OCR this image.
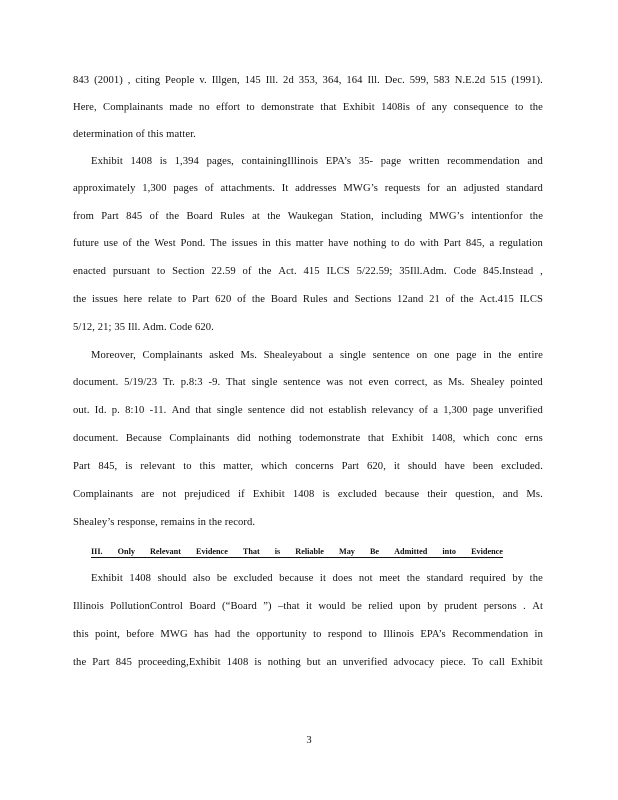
843 (2001) , citing People v. Illgen, 145 Ill. 2d 353, 364, 164 Ill. Dec. 599, 583 N.E.2d 515 (1991).
Here, Complainants made no effort to demonstrate that Exhibit 1408is of any consequence to the
determination of this matter.
Exhibit 1408 is 1,394 pages, containingIllinois EPA’s 35- page written recommendation and
approximately 1,300 pages of attachments. It addresses MWG’s requests for an adjusted standard
from Part 845 of the Board Rules at the Waukegan Station, including MWG’s intentionfor the
future use of the West Pond. The issues in this matter have nothing to do with Part 845, a regulation
enacted pursuant to Section 22.59 of the Act. 415 ILCS 5/22.59; 35Ill.Adm. Code 845.Instead ,
the issues here relate to Part 620 of the Board Rules and Sections 12and 21 of the Act.415 ILCS
5/12, 21; 35 Ill. Adm. Code 620.
Moreover, Complainants asked Ms. Shealeyabout a single sentence on one page in the entire
document. 5/19/23 Tr. p.8:3 -9. That single sentence was not even correct, as Ms. Shealey pointed
out. Id. p. 8:10 -11. And that single sentence did not establish relevancy of a 1,300 page unverified
document. Because Complainants did nothing todemonstrate that Exhibit 1408, which conc erns
Part 845, is relevant to this matter, which concerns Part 620, it should have been excluded.
Complainants are not prejudiced if Exhibit 1408 is excluded because their question, and Ms.
Shealey’s response, remains in the record.
III. Only Relevant Evidence That is Reliable May Be Admitted into Evidence
Exhibit 1408 should also be excluded because it does not meet the standard required by the
Illinois PollutionControl Board (“Board ”) –that it would be relied upon by prudent persons . At
this point, before MWG has had the opportunity to respond to Illinois EPA’s Recommendation in
the Part 845 proceeding,Exhibit 1408 is nothing but an unverified advocacy piece. To call Exhibit
3
